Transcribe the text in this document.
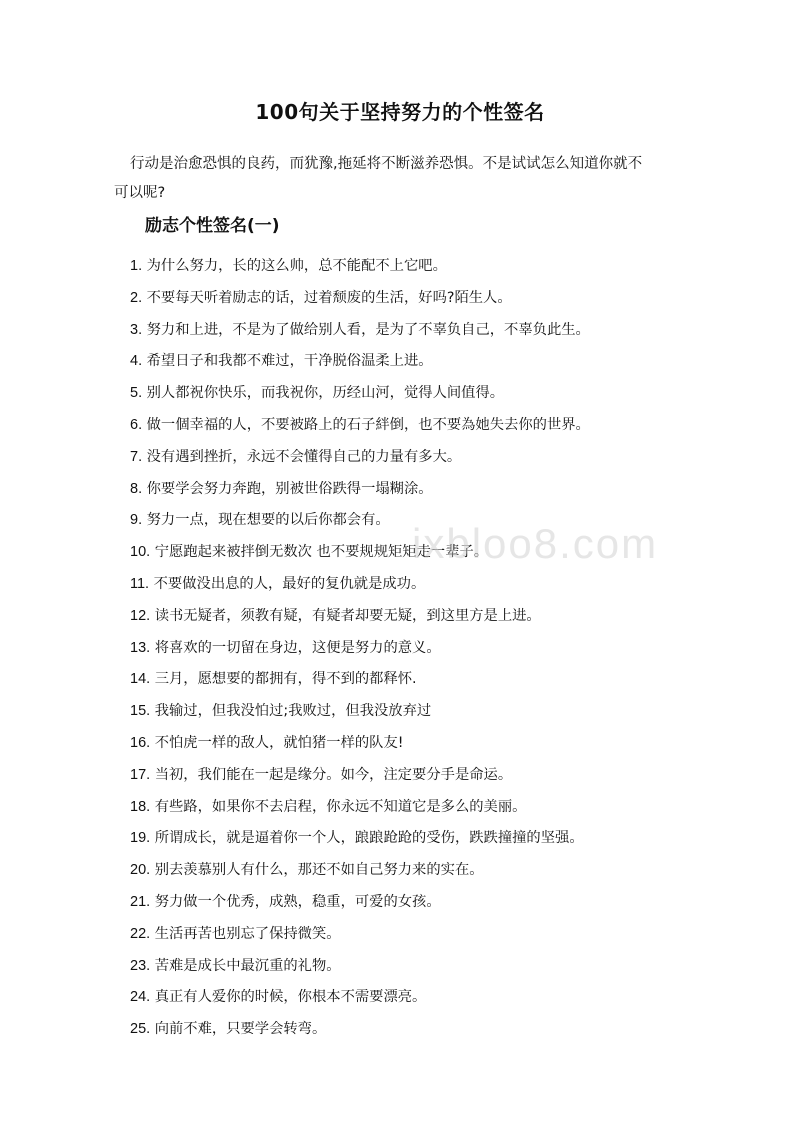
100句关于坚持努力的个性签名
行动是治愈恐惧的良药，而犹豫,拖延将不断滋养恐惧。不是试试怎么知道你就不
可以呢?
励志个性签名(一)
1. 为什么努力，长的这么帅，总不能配不上它吧。
2. 不要每天听着励志的话，过着颓废的生活，好吗?陌生人。
3. 努力和上进，不是为了做给别人看，是为了不辜负自己，不辜负此生。
4. 希望日子和我都不难过，干净脱俗温柔上进。
5. 别人都祝你快乐，而我祝你，历经山河，觉得人间值得。
6. 做一個幸福的人，不要被路上的石子絆倒，也不要為她失去你的世界。
7. 没有遇到挫折，永远不会懂得自己的力量有多大。
8. 你要学会努力奔跑，别被世俗跌得一塌糊涂。
9. 努力一点，现在想要的以后你都会有。
10. 宁愿跑起来被拌倒无数次 也不要规规矩矩走一辈子。
11. 不要做没出息的人，最好的复仇就是成功。
12. 读书无疑者，须教有疑，有疑者却要无疑，到这里方是上进。
13. 将喜欢的一切留在身边，这便是努力的意义。
14. 三月，愿想要的都拥有，得不到的都释怀.
15. 我输过，但我没怕过;我败过，但我没放弃过
16. 不怕虎一样的敌人，就怕猪一样的队友!
17. 当初，我们能在一起是缘分。如今，注定要分手是命运。
18. 有些路，如果你不去启程，你永远不知道它是多么的美丽。
19. 所谓成长，就是逼着你一个人，踉踉跄跄的受伤，跌跌撞撞的坚强。
20. 别去羡慕别人有什么，那还不如自己努力来的实在。
21. 努力做一个优秀，成熟，稳重，可爱的女孩。
22. 生活再苦也别忘了保持微笑。
23. 苦难是成长中最沉重的礼物。
24. 真正有人爱你的时候，你根本不需要漂亮。
25. 向前不难，只要学会转弯。
ixbloo8.com
